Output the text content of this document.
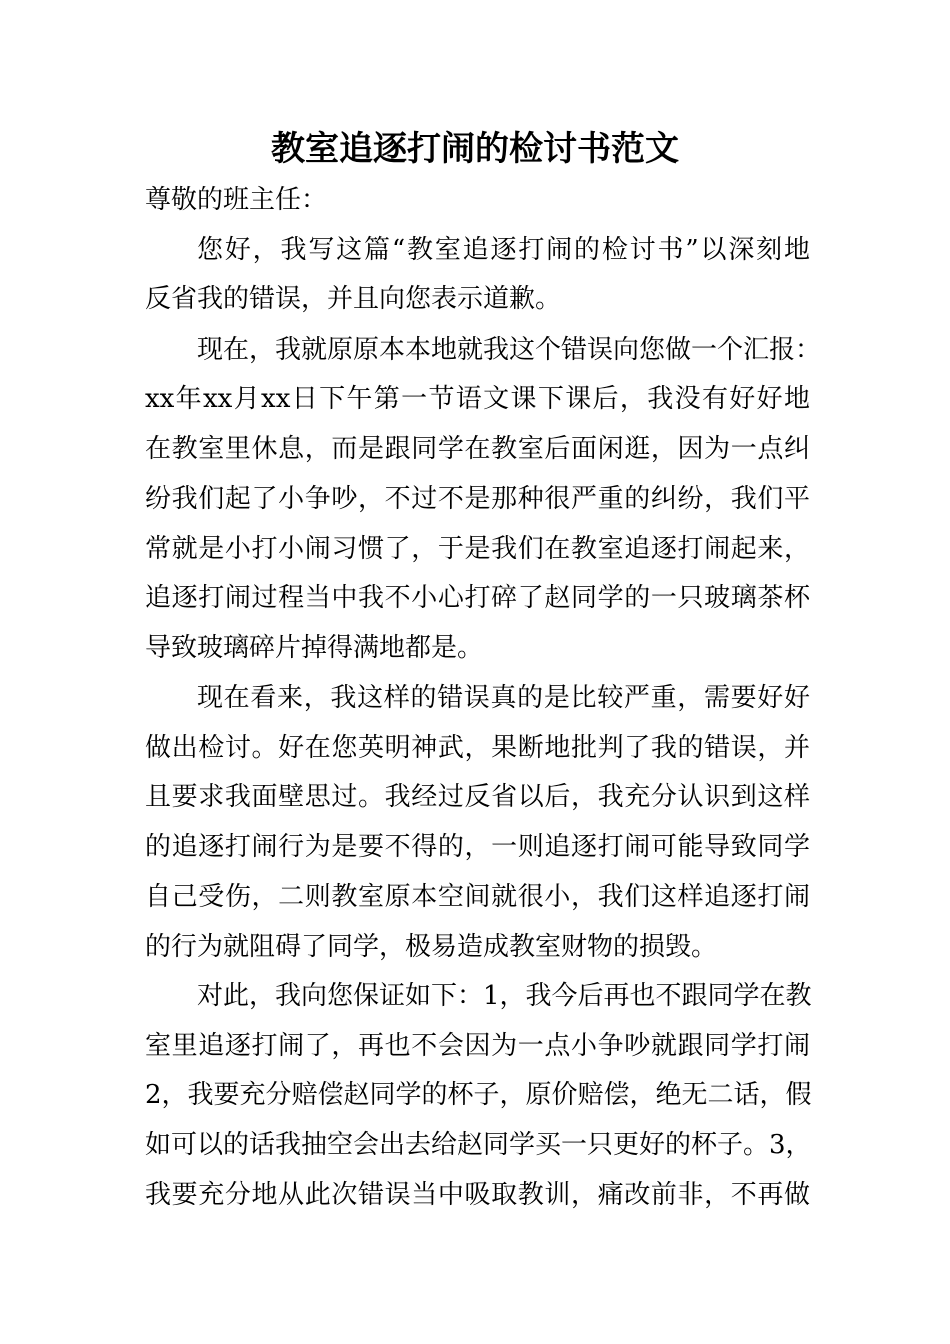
教室追逐打闹的检讨书范文
尊敬的班主任：
您好，我写这篇“教室追逐打闹的检讨书”以深刻地
反省我的错误，并且向您表示道歉。
现在，我就原原本本地就我这个错误向您做一个汇报：
xx年xx月xx日下午第一节语文课下课后，我没有好好地
在教室里休息，而是跟同学在教室后面闲逛，因为一点纠
纷我们起了小争吵，不过不是那种很严重的纠纷，我们平
常就是小打小闹习惯了，于是我们在教室追逐打闹起来，
追逐打闹过程当中我不小心打碎了赵同学的一只玻璃茶杯
导致玻璃碎片掉得满地都是。
现在看来，我这样的错误真的是比较严重，需要好好
做出检讨。好在您英明神武，果断地批判了我的错误，并
且要求我面壁思过。我经过反省以后，我充分认识到这样
的追逐打闹行为是要不得的，一则追逐打闹可能导致同学
自己受伤，二则教室原本空间就很小，我们这样追逐打闹
的行为就阻碍了同学，极易造成教室财物的损毁。
对此，我向您保证如下：1，我今后再也不跟同学在教
室里追逐打闹了，再也不会因为一点小争吵就跟同学打闹
2，我要充分赔偿赵同学的杯子，原价赔偿，绝无二话，假
如可以的话我抽空会出去给赵同学买一只更好的杯子。3，
我要充分地从此次错误当中吸取教训，痛改前非，不再做
